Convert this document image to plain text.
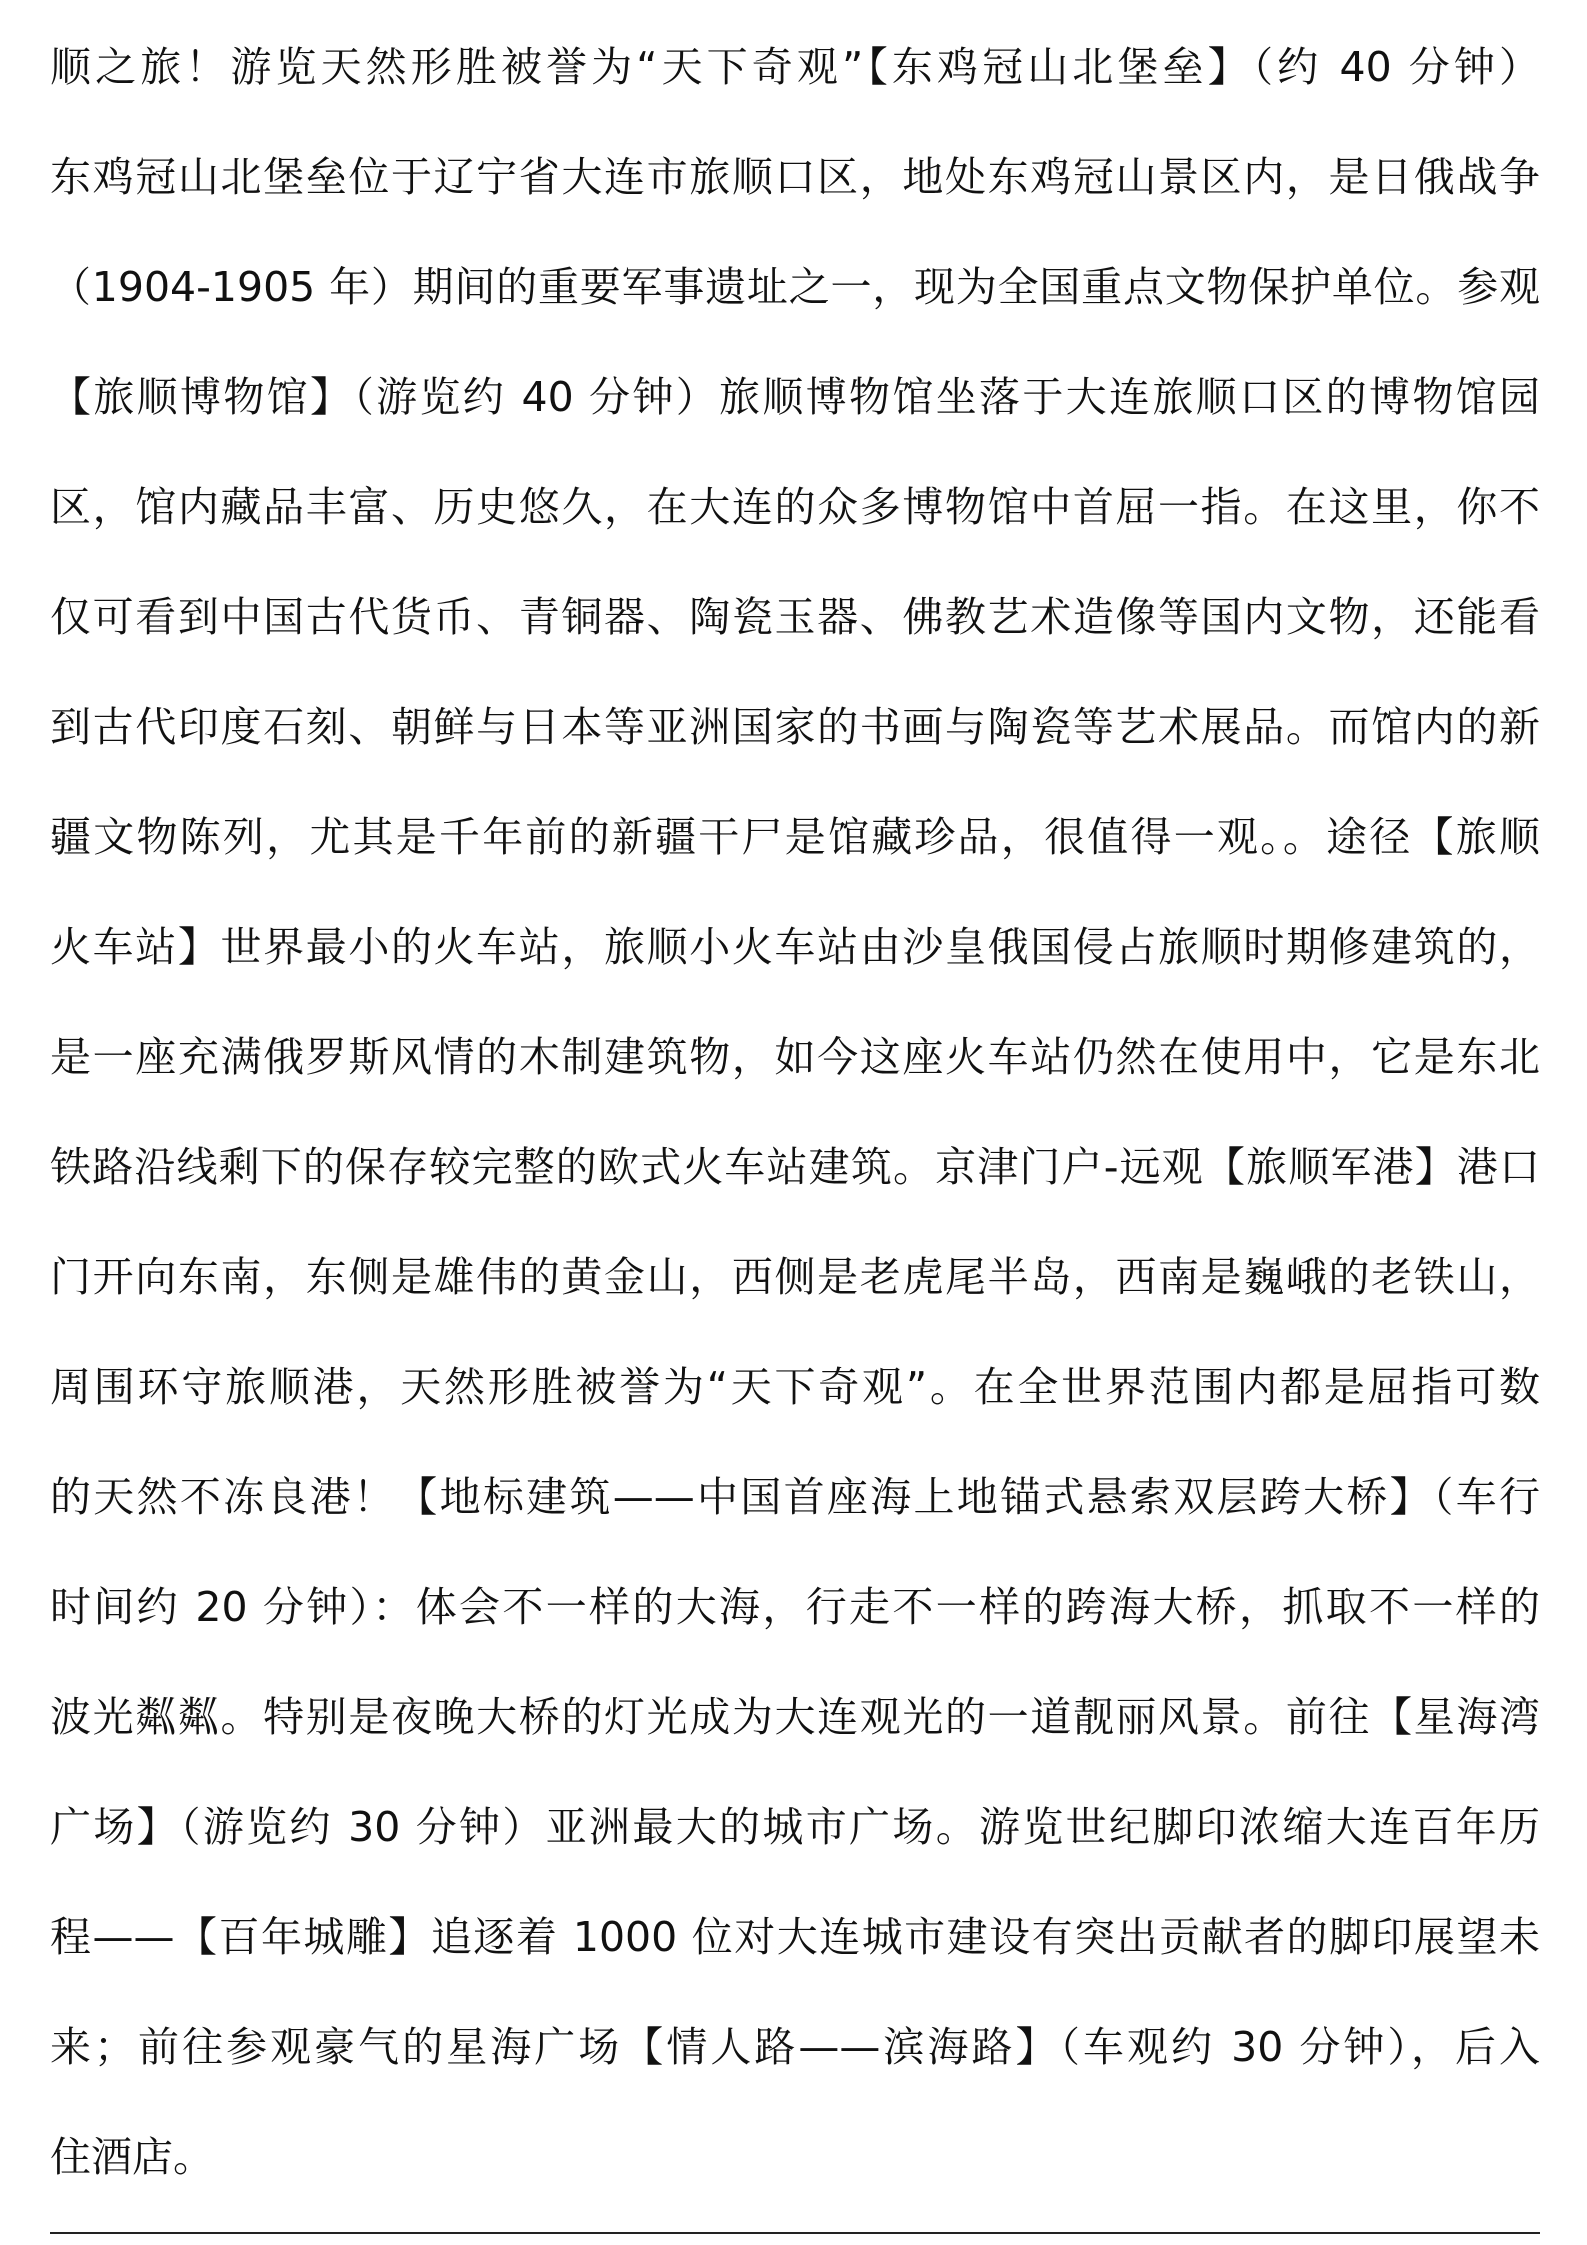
顺之旅！游览天然形胜被誉为“天下奇观”【东鸡冠山北堡垒】（约 40 分钟）
东鸡冠山北堡垒位于辽宁省大连市旅顺口区，地处东鸡冠山景区内，是日俄战争
（1904-1905 年）期间的重要军事遗址之一，现为全国重点文物保护单位。参观
【旅顺博物馆】（游览约 40 分钟）旅顺博物馆坐落于大连旅顺口区的博物馆园
区，馆内藏品丰富、历史悠久，在大连的众多博物馆中首屈一指。在这里，你不
仅可看到中国古代货币、青铜器、陶瓷玉器、佛教艺术造像等国内文物，还能看
到古代印度石刻、朝鲜与日本等亚洲国家的书画与陶瓷等艺术展品。而馆内的新
疆文物陈列，尤其是千年前的新疆干尸是馆藏珍品，很值得一观。。途径【旅顺
火车站】世界最小的火车站，旅顺小火车站由沙皇俄国侵占旅顺时期修建筑的，
是一座充满俄罗斯风情的木制建筑物，如今这座火车站仍然在使用中，它是东北
铁路沿线剩下的保存较完整的欧式火车站建筑。京津门户-远观【旅顺军港】港口
门开向东南，东侧是雄伟的黄金山，西侧是老虎尾半岛，西南是巍峨的老铁山，
周围环守旅顺港，天然形胜被誉为“天下奇观”。在全世界范围内都是屈指可数
的天然不冻良港！【地标建筑——中国首座海上地锚式悬索双层跨大桥】（车行
时间约 20 分钟）：体会不一样的大海，行走不一样的跨海大桥，抓取不一样的
波光粼粼。特别是夜晚大桥的灯光成为大连观光的一道靓丽风景。前往【星海湾
广场】（游览约 30 分钟）亚洲最大的城市广场。游览世纪脚印浓缩大连百年历
程——【百年城雕】追逐着 1000 位对大连城市建设有突出贡献者的脚印展望未
来；前往参观豪气的星海广场【情人路——滨海路】（车观约 30 分钟），后入
住酒店。
